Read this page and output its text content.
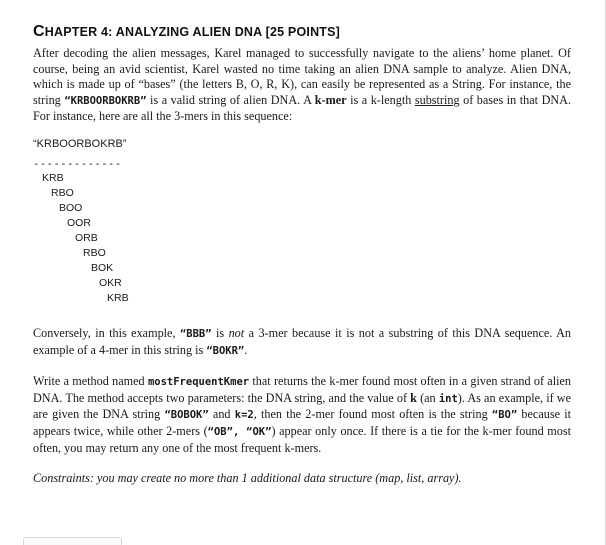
CHAPTER 4: ANALYZING ALIEN DNA [25 POINTS]

After decoding the alien messages, Karel managed to successfully navigate to the aliens’ home planet. Of course, being an avid scientist, Karel wasted no time taking an alien DNA sample to analyze. Alien DNA, which is made up of “bases” (the letters B, O, R, K), can easily be represented as a String. For instance, the string “KRBOORBOKRB” is a valid string of alien DNA. A k-mer is a k-length substring of bases in that DNA. For instance, here are all the 3-mers in this sequence:

“KRBOORBOKRB”
-------------
KRB
RBO
BOO
OOR
ORB
RBO
BOK
OKR
KRB

Conversely, in this example, “BBB” is not a 3-mer because it is not a substring of this DNA sequence. An example of a 4-mer in this string is “BOKR”.

Write a method named mostFrequentKmer that returns the k-mer found most often in a given strand of alien DNA. The method accepts two parameters: the DNA string, and the value of k (an int). As an example, if we are given the DNA string “BOBOK” and k=2, then the 2-mer found most often is the string “BO” because it appears twice, while other 2-mers (“OB”, “OK”) appear only once. If there is a tie for the k-mer found most often, you may return any one of the most frequent k-mers.

Constraints: you may create no more than 1 additional data structure (map, list, array).
